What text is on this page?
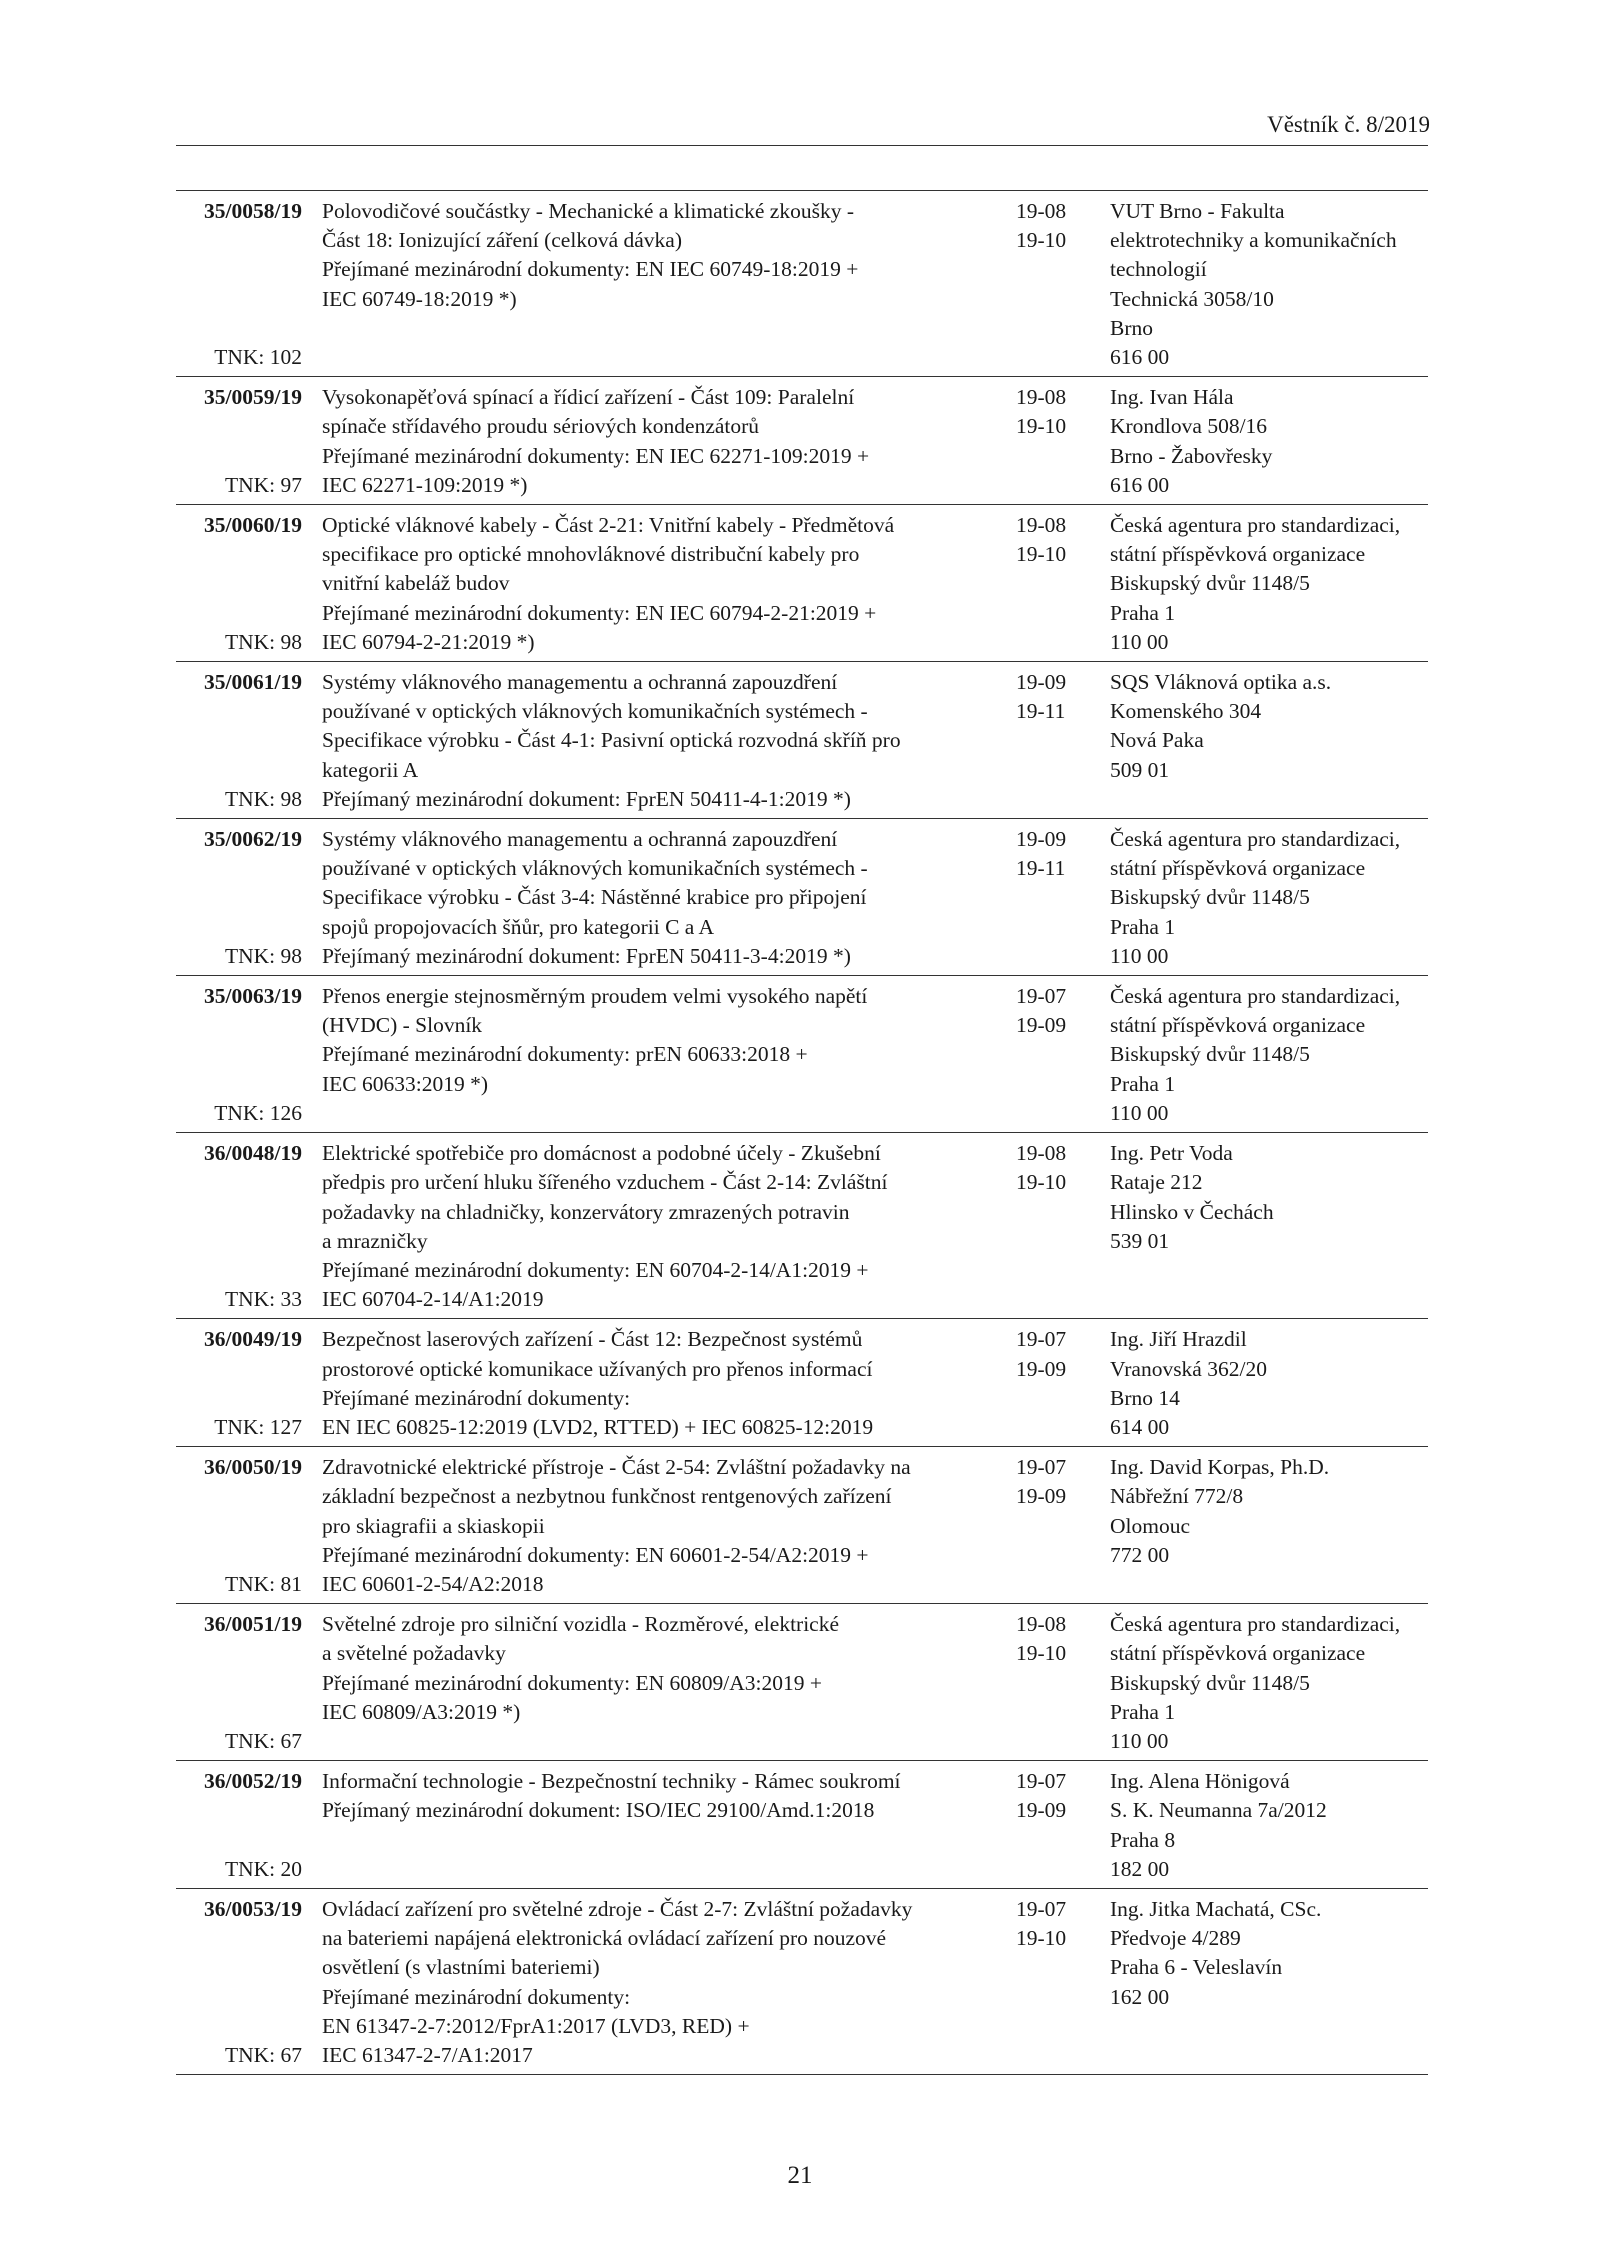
Věstník č. 8/2019
35/0058/19
TNK: 102
Polovodičové součástky - Mechanické a klimatické zkoušky -
Část 18: Ionizující záření (celková dávka)
Přejímané mezinárodní dokumenty: EN IEC 60749-18:2019 +
IEC 60749-18:2019 *)
19-08
19-10
VUT Brno - Fakulta
elektrotechniky a komunikačních
technologií
Technická 3058/10
Brno
616 00
35/0059/19
TNK: 97
Vysokonapěťová spínací a řídicí zařízení - Část 109: Paralelní
spínače střídavého proudu sériových kondenzátorů
Přejímané mezinárodní dokumenty: EN IEC 62271-109:2019 +
IEC 62271-109:2019 *)
19-08
19-10
Ing. Ivan Hála
Krondlova 508/16
Brno - Žabovřesky
616 00
35/0060/19
TNK: 98
Optické vláknové kabely - Část 2-21: Vnitřní kabely - Předmětová
specifikace pro optické mnohovláknové distribuční kabely pro
vnitřní kabeláž budov
Přejímané mezinárodní dokumenty: EN IEC 60794-2-21:2019 +
IEC 60794-2-21:2019 *)
19-08
19-10
Česká agentura pro standardizaci,
státní příspěvková organizace
Biskupský dvůr 1148/5
Praha 1
110 00
35/0061/19
TNK: 98
Systémy vláknového managementu a ochranná zapouzdření
používané v optických vláknových komunikačních systémech -
Specifikace výrobku - Část 4-1: Pasivní optická rozvodná skříň pro
kategorii A
Přejímaný mezinárodní dokument: FprEN 50411-4-1:2019 *)
19-09
19-11
SQS Vláknová optika a.s.
Komenského 304
Nová Paka
509 01
35/0062/19
TNK: 98
Systémy vláknového managementu a ochranná zapouzdření
používané v optických vláknových komunikačních systémech -
Specifikace výrobku - Část 3-4: Nástěnné krabice pro připojení
spojů propojovacích šňůr, pro kategorii C a A
Přejímaný mezinárodní dokument: FprEN 50411-3-4:2019 *)
19-09
19-11
Česká agentura pro standardizaci,
státní příspěvková organizace
Biskupský dvůr 1148/5
Praha 1
110 00
35/0063/19
TNK: 126
Přenos energie stejnosměrným proudem velmi vysokého napětí
(HVDC) - Slovník
Přejímané mezinárodní dokumenty: prEN 60633:2018 +
IEC 60633:2019 *)
19-07
19-09
Česká agentura pro standardizaci,
státní příspěvková organizace
Biskupský dvůr 1148/5
Praha 1
110 00
36/0048/19
TNK: 33
Elektrické spotřebiče pro domácnost a podobné účely - Zkušební
předpis pro určení hluku šířeného vzduchem - Část 2-14: Zvláštní
požadavky na chladničky, konzervátory zmrazených potravin
a mrazničky
Přejímané mezinárodní dokumenty: EN 60704-2-14/A1:2019 +
IEC 60704-2-14/A1:2019
19-08
19-10
Ing. Petr Voda
Rataje 212
Hlinsko v Čechách
539 01
36/0049/19
TNK: 127
Bezpečnost laserových zařízení - Část 12: Bezpečnost systémů
prostorové optické komunikace užívaných pro přenos informací
Přejímané mezinárodní dokumenty:
EN IEC 60825-12:2019 (LVD2, RTTED) + IEC 60825-12:2019
19-07
19-09
Ing. Jiří Hrazdil
Vranovská 362/20
Brno 14
614 00
36/0050/19
TNK: 81
Zdravotnické elektrické přístroje - Část 2-54: Zvláštní požadavky na
základní bezpečnost a nezbytnou funkčnost rentgenových zařízení
pro skiagrafii a skiaskopii
Přejímané mezinárodní dokumenty: EN 60601-2-54/A2:2019 +
IEC 60601-2-54/A2:2018
19-07
19-09
Ing. David Korpas, Ph.D.
Nábřežní 772/8
Olomouc
772 00
36/0051/19
TNK: 67
Světelné zdroje pro silniční vozidla - Rozměrové, elektrické
a světelné požadavky
Přejímané mezinárodní dokumenty: EN 60809/A3:2019 +
IEC 60809/A3:2019 *)
19-08
19-10
Česká agentura pro standardizaci,
státní příspěvková organizace
Biskupský dvůr 1148/5
Praha 1
110 00
36/0052/19
TNK: 20
Informační technologie - Bezpečnostní techniky - Rámec soukromí
Přejímaný mezinárodní dokument: ISO/IEC 29100/Amd.1:2018
19-07
19-09
Ing. Alena Hönigová
S. K. Neumanna 7a/2012
Praha 8
182 00
36/0053/19
TNK: 67
Ovládací zařízení pro světelné zdroje - Část 2-7: Zvláštní požadavky
na bateriemi napájená elektronická ovládací zařízení pro nouzové
osvětlení (s vlastními bateriemi)
Přejímané mezinárodní dokumenty:
EN 61347-2-7:2012/FprA1:2017 (LVD3, RED) +
IEC 61347-2-7/A1:2017
19-07
19-10
Ing. Jitka Machatá, CSc.
Předvoje 4/289
Praha 6 - Veleslavín
162 00
21
